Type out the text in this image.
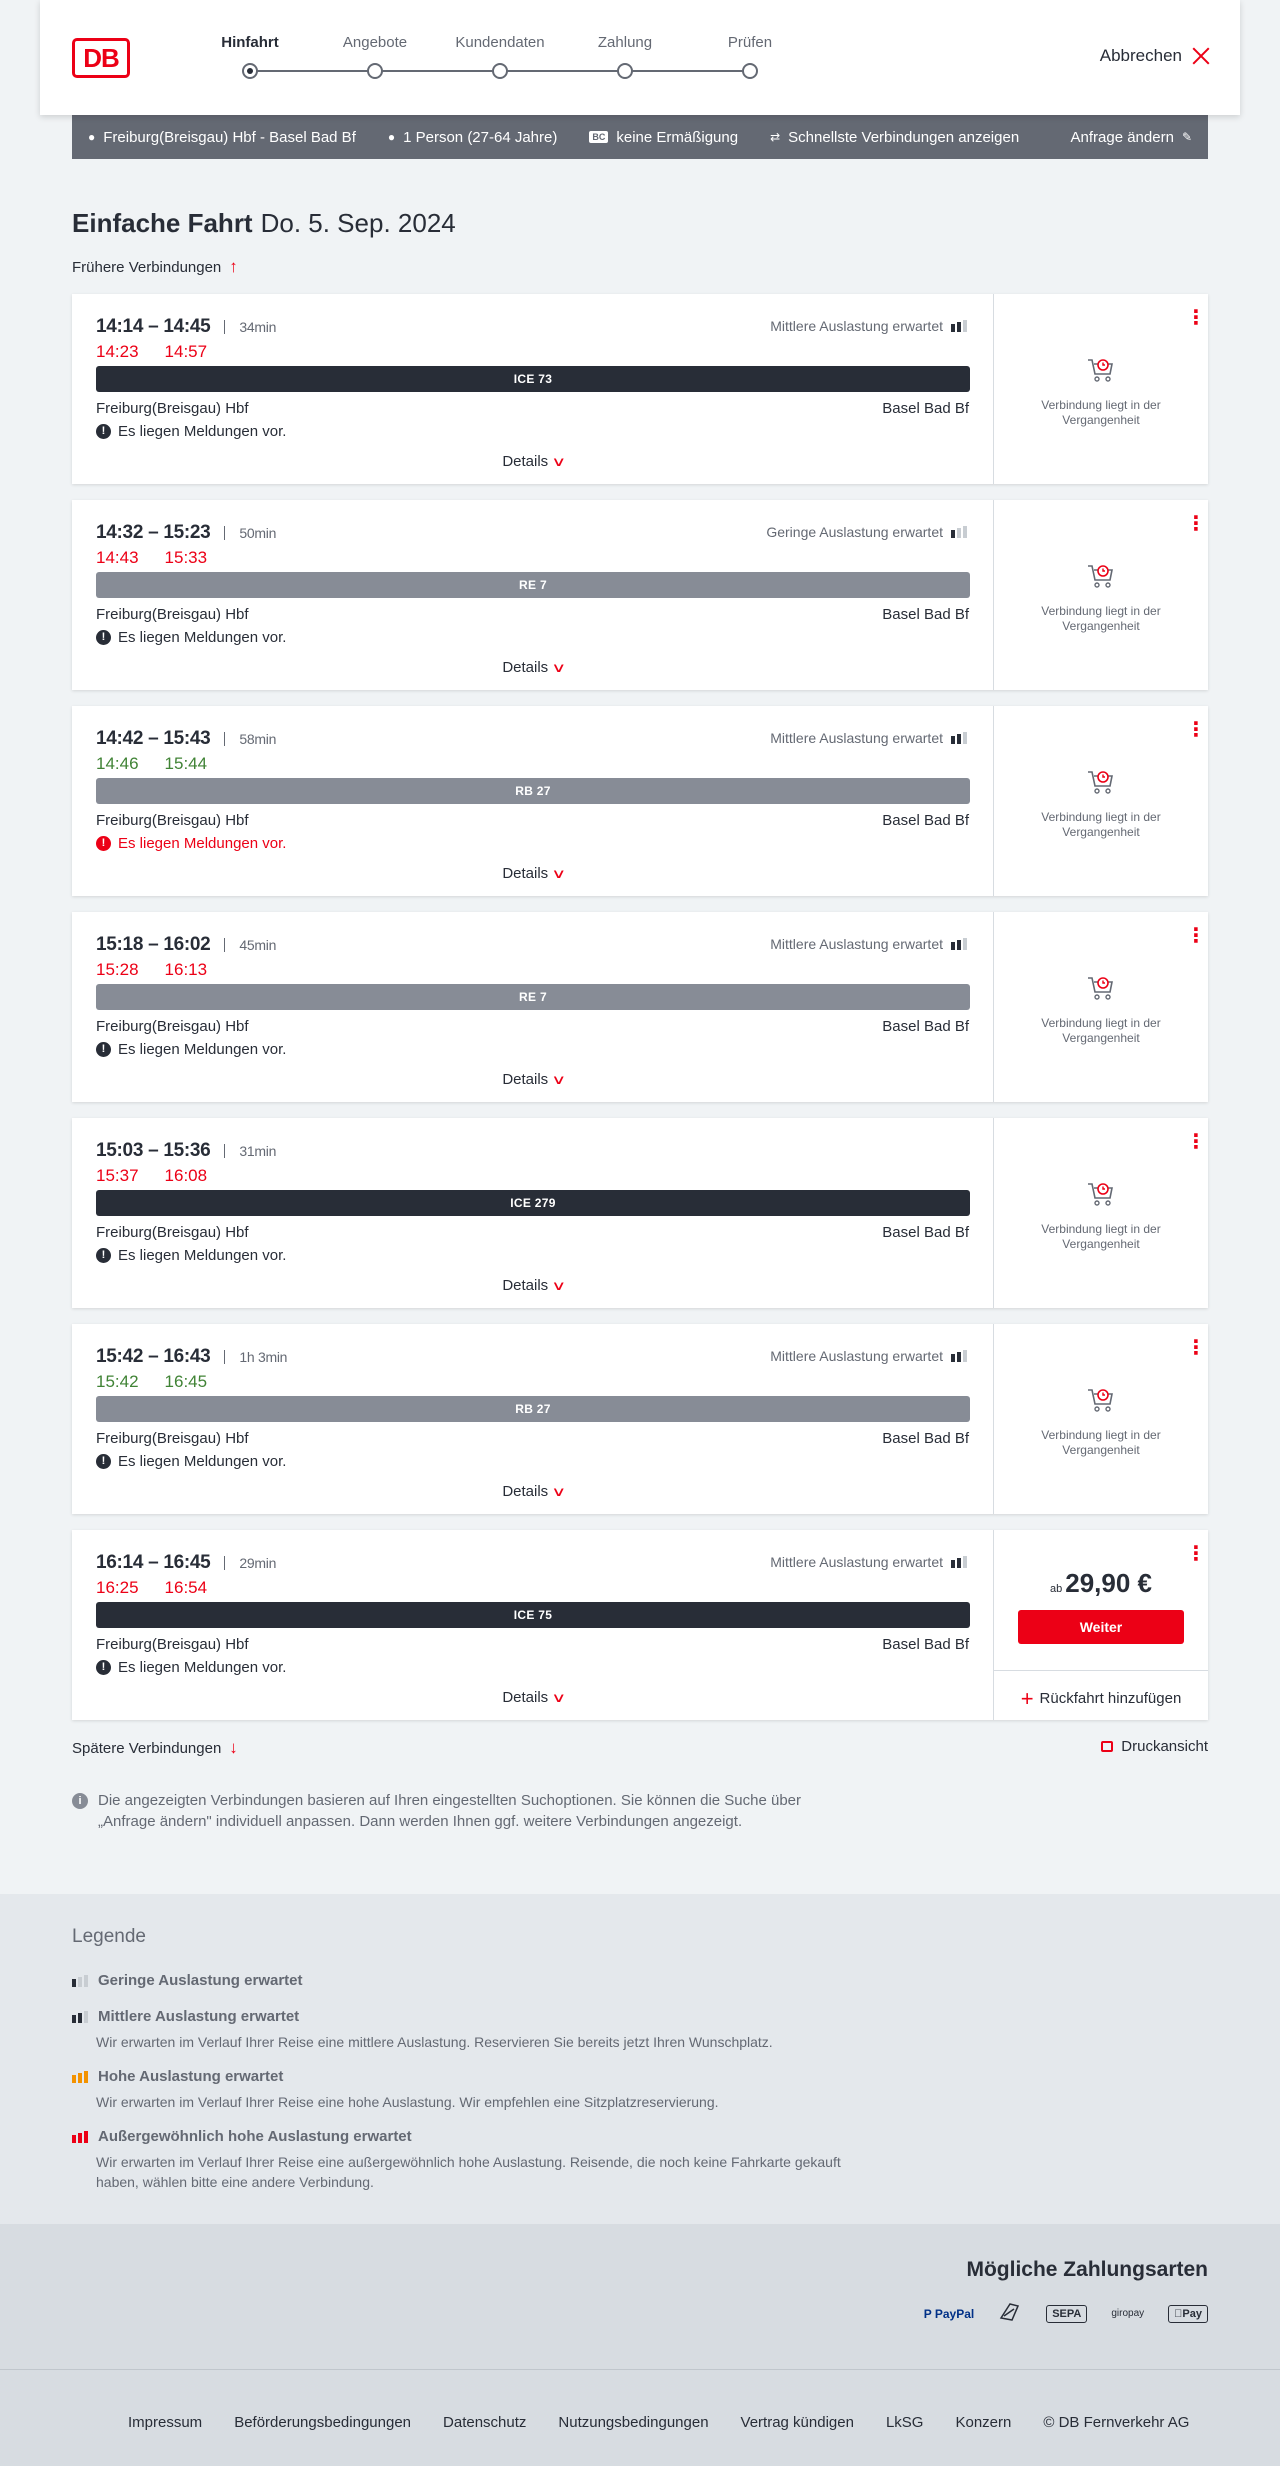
DB
Hinfahrt	Angebote	Kundendaten	Zahlung	Prüfen
Abbrechen
● Freiburg(Breisgau) Hbf - Basel Bad Bf	● 1 Person (27-64 Jahre)	BC keine Ermäßigung	⇄ Schnellste Verbindungen anzeigen	Anfrage ändern ✎
Einfache Fahrt Do. 5. Sep. 2024
Frühere Verbindungen ↑
14:14 – 14:45	34min
14:23 14:57
Mittlere Auslastung erwartet
ICE 73
Freiburg(Breisgau) Hbf	Basel Bad Bf
! Es liegen Meldungen vor.
Details ∨
⋮
Verbindung liegt in der Vergangenheit
14:32 – 15:23	50min
14:43 15:33
Geringe Auslastung erwartet
RE 7
Freiburg(Breisgau) Hbf	Basel Bad Bf
! Es liegen Meldungen vor.
Details ∨
⋮
Verbindung liegt in der Vergangenheit
14:42 – 15:43	58min
14:46 15:44
Mittlere Auslastung erwartet
RB 27
Freiburg(Breisgau) Hbf	Basel Bad Bf
! Es liegen Meldungen vor.
Details ∨
⋮
Verbindung liegt in der Vergangenheit
15:18 – 16:02	45min
15:28 16:13
Mittlere Auslastung erwartet
RE 7
Freiburg(Breisgau) Hbf	Basel Bad Bf
! Es liegen Meldungen vor.
Details ∨
⋮
Verbindung liegt in der Vergangenheit
15:03 – 15:36	31min
15:37 16:08
ICE 279
Freiburg(Breisgau) Hbf	Basel Bad Bf
! Es liegen Meldungen vor.
Details ∨
⋮
Verbindung liegt in der Vergangenheit
15:42 – 16:43	1h 3min
15:42 16:45
Mittlere Auslastung erwartet
RB 27
Freiburg(Breisgau) Hbf	Basel Bad Bf
! Es liegen Meldungen vor.
Details ∨
⋮
Verbindung liegt in der Vergangenheit
16:14 – 16:45	29min
16:25 16:54
Mittlere Auslastung erwartet
ICE 75
Freiburg(Breisgau) Hbf	Basel Bad Bf
! Es liegen Meldungen vor.
Details ∨
⋮
ab 29,90 €
Weiter
+ Rückfahrt hinzufügen
Spätere Verbindungen ↓	Druckansicht
i	Die angezeigten Verbindungen basieren auf Ihren eingestellten Suchoptionen. Sie können die Suche über „Anfrage ändern" individuell anpassen. Dann werden Ihnen ggf. weitere Verbindungen angezeigt.
Legende
Geringe Auslastung erwartet
Mittlere Auslastung erwartet
Wir erwarten im Verlauf Ihrer Reise eine mittlere Auslastung. Reservieren Sie bereits jetzt Ihren Wunschplatz.
Hohe Auslastung erwartet
Wir erwarten im Verlauf Ihrer Reise eine hohe Auslastung. Wir empfehlen eine Sitzplatzreservierung.
Außergewöhnlich hohe Auslastung erwartet
Wir erwarten im Verlauf Ihrer Reise eine außergewöhnlich hohe Auslastung. Reisende, die noch keine Fahrkarte gekauft haben, wählen bitte eine andere Verbindung.
Mögliche Zahlungsarten
P PayPal	SEPA	giropay	Pay
Impressum Beförderungsbedingungen Datenschutz Nutzungsbedingungen Vertrag kündigen LkSG Konzern © DB Fernverkehr AG
